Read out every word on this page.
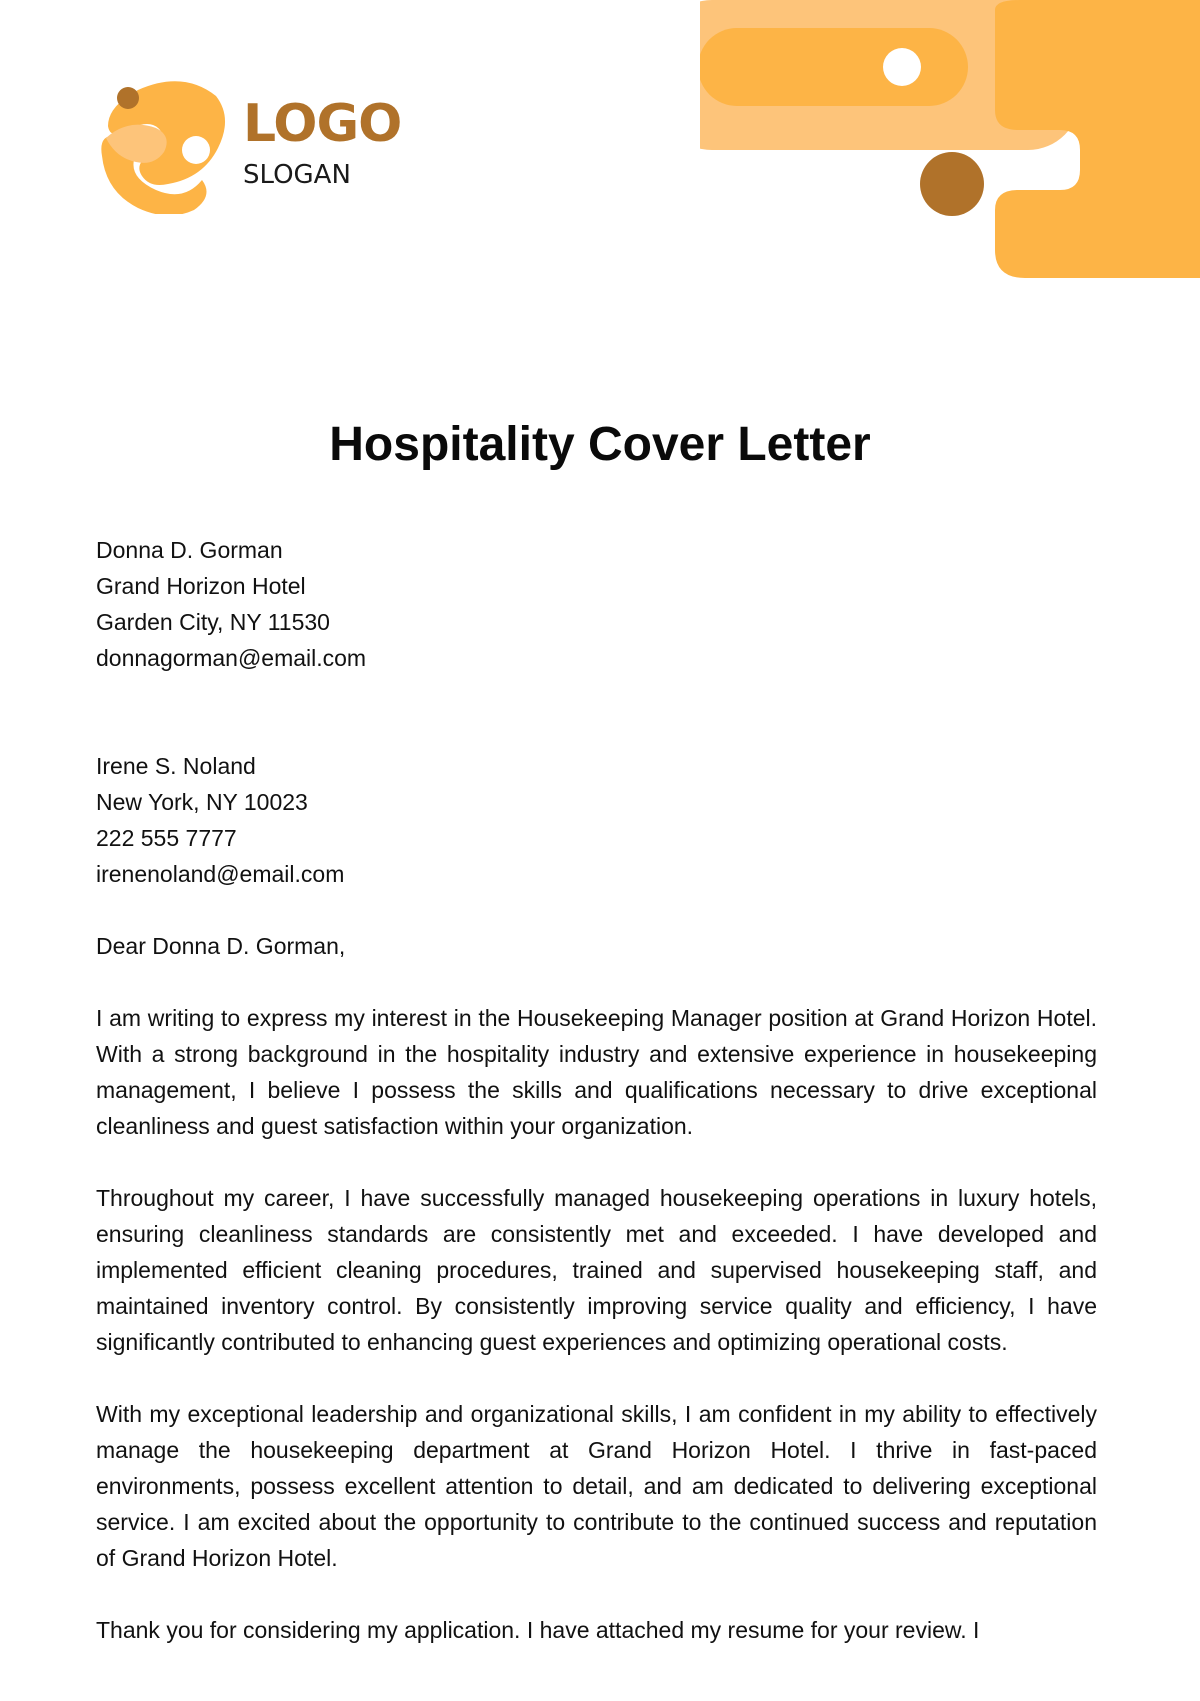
LOGO
SLOGAN
Hospitality Cover Letter
Donna D. Gorman
Grand Horizon Hotel
Garden City, NY 11530
donnagorman@email.com
Irene S. Noland
New York, NY 10023
222 555 7777
irenenoland@email.com

Dear Donna D. Gorman,

I am writing to express my interest in the Housekeeping Manager position at Grand Horizon Hotel. With a strong background in the hospitality industry and extensive experience in housekeeping management, I believe I possess the skills and qualifications necessary to drive exceptional cleanliness and guest satisfaction within your organization.

Throughout my career, I have successfully managed housekeeping operations in luxury hotels, ensuring cleanliness standards are consistently met and exceeded. I have developed and implemented efficient cleaning procedures, trained and supervised housekeeping staff, and maintained inventory control. By consistently improving service quality and efficiency, I have significantly contributed to enhancing guest experiences and optimizing operational costs.

With my exceptional leadership and organizational skills, I am confident in my ability to effectively manage the housekeeping department at Grand Horizon Hotel. I thrive in fast-paced environments, possess excellent attention to detail, and am dedicated to delivering exceptional service. I am excited about the opportunity to contribute to the continued success and reputation of Grand Horizon Hotel.

Thank you for considering my application. I have attached my resume for your review. I
